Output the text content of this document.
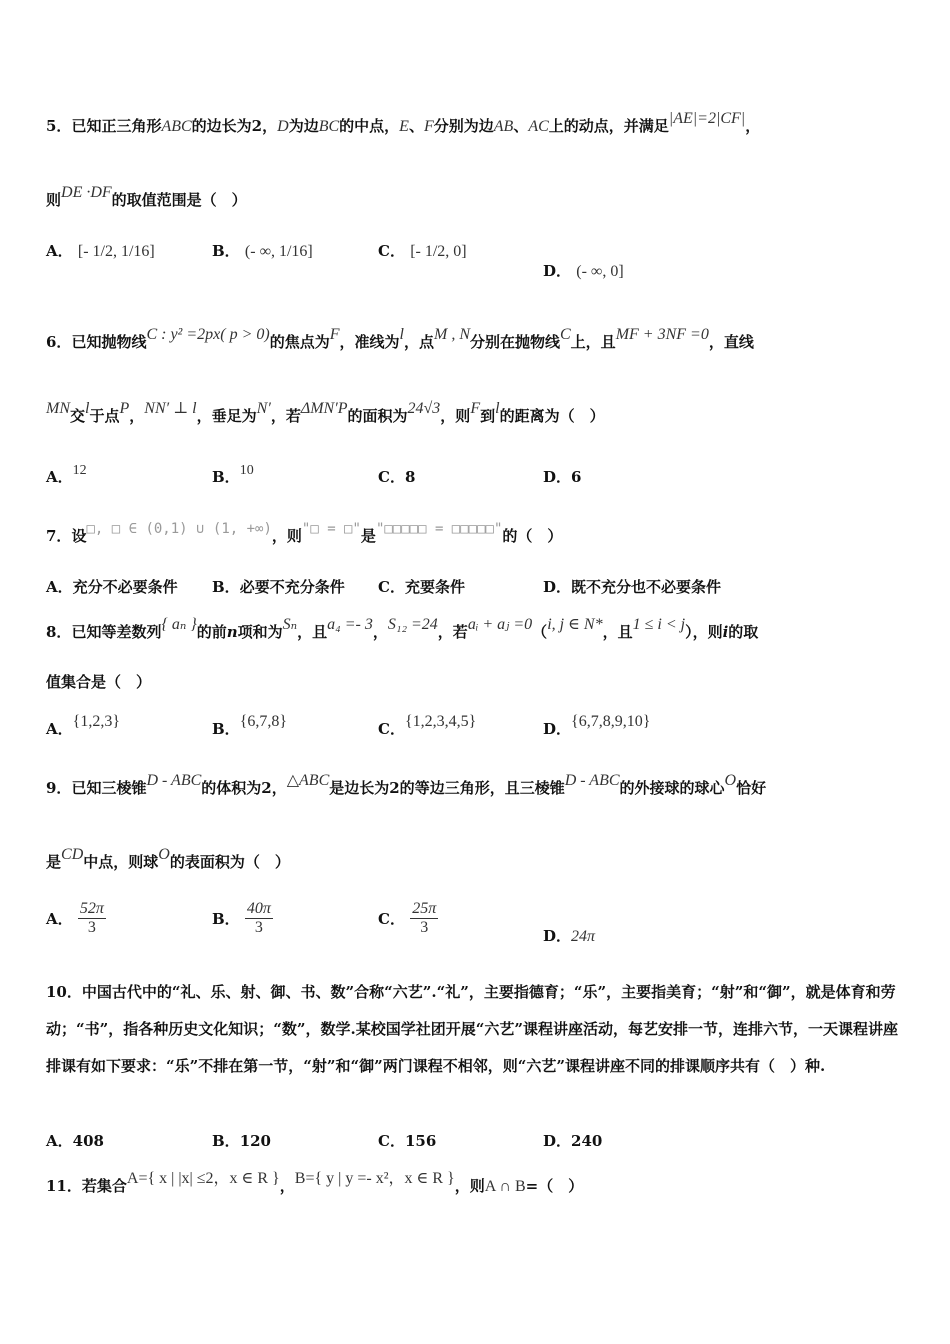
5．已知正三角形ABC的边长为2，D为边BC的中点，E、F分别为边AB、AC上的动点，并满足|AE|=2|CF|，
则DE ·DF的取值范围是（　）
A． [- 1/2, 1/16]	B． (- ∞, 1/16]	C． [- 1/2, 0]
D． (- ∞, 0]
6．已知抛物线C : y² =2px( p > 0)的焦点为F，准线为l，点M , N分别在抛物线C上，且MF + 3NF =0，直线
MN交l于点P，NN′ ⊥ l，垂足为N′，若ΔMN′P的面积为24√3，则F到l的距离为（　）
A．12	B．10	C．8	D．6
7．设□, □ ∈ (0,1) ∪ (1, +∞)，则"□ = □"是"□□□□□ = □□□□□"的（　）
A．充分不必要条件 B．必要不充分条件 C．充要条件	D．既不充分也不必要条件
8．已知等差数列{ aₙ }的前n项和为Sₙ，且a₄ =- 3，S₁₂ =24，若aᵢ + aⱼ =0（i, j ∈ N*，且1 ≤ i < j），则i的取
值集合是（　）
A．{1,2,3}	B．{6,7,8}	C．{1,2,3,4,5}	D．{6,7,8,9,10}
9．已知三棱锥D - ABC的体积为2，△ABC是边长为2的等边三角形，且三棱锥D - ABC的外接球的球心O恰好
是CD中点，则球O的表面积为（　）
A． $\frac{52\pi}{3}$	B． $\frac{40\pi}{3}$	C． $\frac{25\pi}{3}$	D．24π
10．中国古代中的“礼、乐、射、御、书、数”合称“六艺”.“礼”，主要指德育；“乐”，主要指美育；“射”和“御”，就是体育和劳动；“书”，指各种历史文化知识；“数”，数学.某校国学社团开展“六艺”课程讲座活动，每艺安排一节，连排六节，一天课程讲座排课有如下要求：“乐”不排在第一节，“射”和“御”两门课程不相邻，则“六艺”课程讲座不同的排课顺序共有（　）种.
A．408	B．120	C．156	D．240
11．若集合A={ x | |x| ≤2，x ∈ R }，B={ y | y =- x²，x ∈ R }，则A ∩ B=（　）
